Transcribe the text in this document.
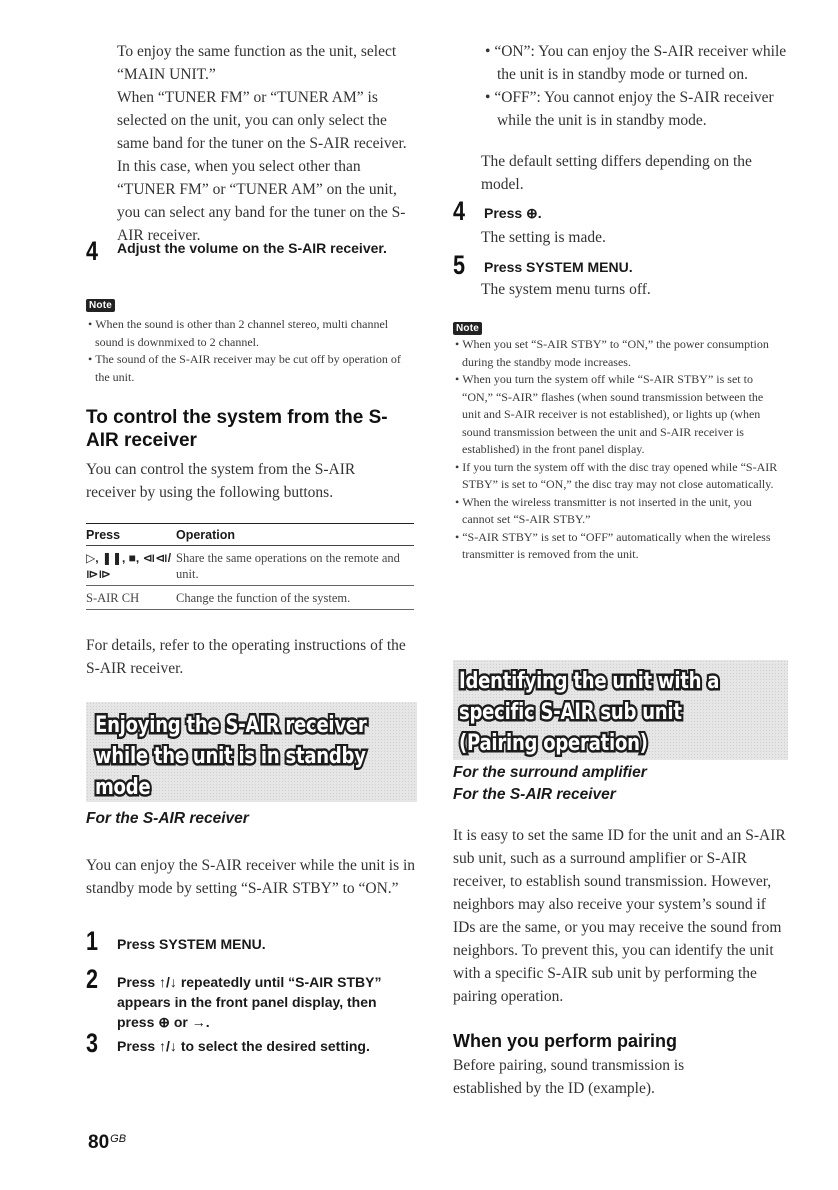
To enjoy the same function as the unit, select “MAIN UNIT.”

When “TUNER FM” or “TUNER AM” is selected on the unit, you can only select the same band for the tuner on the S-AIR receiver. In this case, when you select other than “TUNER FM” or “TUNER AM” on the unit, you can select any band for the tuner on the S-AIR receiver.

4	Adjust the volume on the S-AIR receiver.
Note
• When the sound is other than 2 channel stereo, multi channel sound is downmixed to 2 channel.
• The sound of the S-AIR receiver may be cut off by operation of the unit.
To control the system from the S-AIR receiver

You can control the system from the S-AIR receiver by using the following buttons.

Press	Operation
▷, ❚❚, ■, ⧏⧏/⧐⧐	Share the same operations on the remote and unit.
S-AIR CH	Change the function of the system.

For details, refer to the operating instructions of the S-AIR receiver.

Enjoying the S-AIR receiver
while the unit is in standby
mode
For the S-AIR receiver

You can enjoy the S-AIR receiver while the unit is in standby mode by setting “S-AIR STBY” to “ON.”

1	Press SYSTEM MENU.
2	Press ↑/↓ repeatedly until “S-AIR STBY” appears in the front panel display, then press ⊕ or →.
3	Press ↑/↓ to select the desired setting.

• “ON”: You can enjoy the S-AIR receiver while the unit is in standby mode or turned on.

• “OFF”: You cannot enjoy the S-AIR receiver while the unit is in standby mode.

The default setting differs depending on the model.

4	Press ⊕.

The setting is made.

5	Press SYSTEM MENU.

The system menu turns off.

Note
• When you set “S-AIR STBY” to “ON,” the power consumption during the standby mode increases.
• When you turn the system off while “S-AIR STBY” is set to “ON,” “S-AIR” flashes (when sound transmission between the unit and S-AIR receiver is not established), or lights up (when sound transmission between the unit and S-AIR receiver is established) in the front panel display.
• If you turn the system off with the disc tray opened while “S-AIR STBY” is set to “ON,” the disc tray may not close automatically.
• When the wireless transmitter is not inserted in the unit, you cannot set “S-AIR STBY.”
• “S-AIR STBY” is set to “OFF” automatically when the wireless transmitter is removed from the unit.
Identifying the unit with a
specific S-AIR sub unit
(Pairing operation)
For the surround amplifier
For the S-AIR receiver

It is easy to set the same ID for the unit and an S-AIR sub unit, such as a surround amplifier or S-AIR receiver, to establish sound transmission. However, neighbors may also receive your system’s sound if IDs are the same, or you may receive the sound from neighbors. To prevent this, you can identify the unit with a specific S-AIR sub unit by performing the pairing operation.

When you perform pairing

Before pairing, sound transmission is established by the ID (example).

$80^{GB}$
